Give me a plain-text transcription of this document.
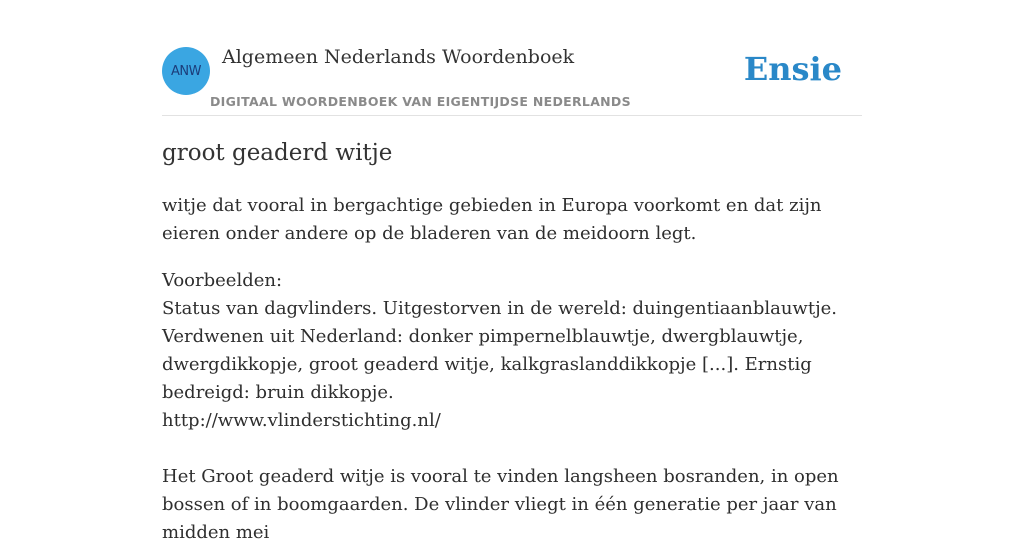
ANW
Algemeen Nederlands Woordenboek
DIGITAAL WOORDENBOEK VAN EIGENTIJDSE NEDERLANDS
Ensie
groot geaderd witje

witje dat vooral in bergachtige gebieden in Europa voorkomt en dat zijn eieren onder andere op de bladeren van de meidoorn legt.

Voorbeelden:

Status van dagvlinders. Uitgestorven in de wereld: duingentiaanblauwtje. Verdwenen uit Nederland: donker pimpernelblauwtje, dwergblauwtje, dwergdikkopje, groot geaderd witje, kalkgraslanddikkopje [...]. Ernstig bedreigd: bruin dikkopje.

http://www.vlinderstichting.nl/

Het Groot geaderd witje is vooral te vinden langsheen bosranden, in open bossen of in boomgaarden. De vlinder vliegt in één generatie per jaar van midden mei
